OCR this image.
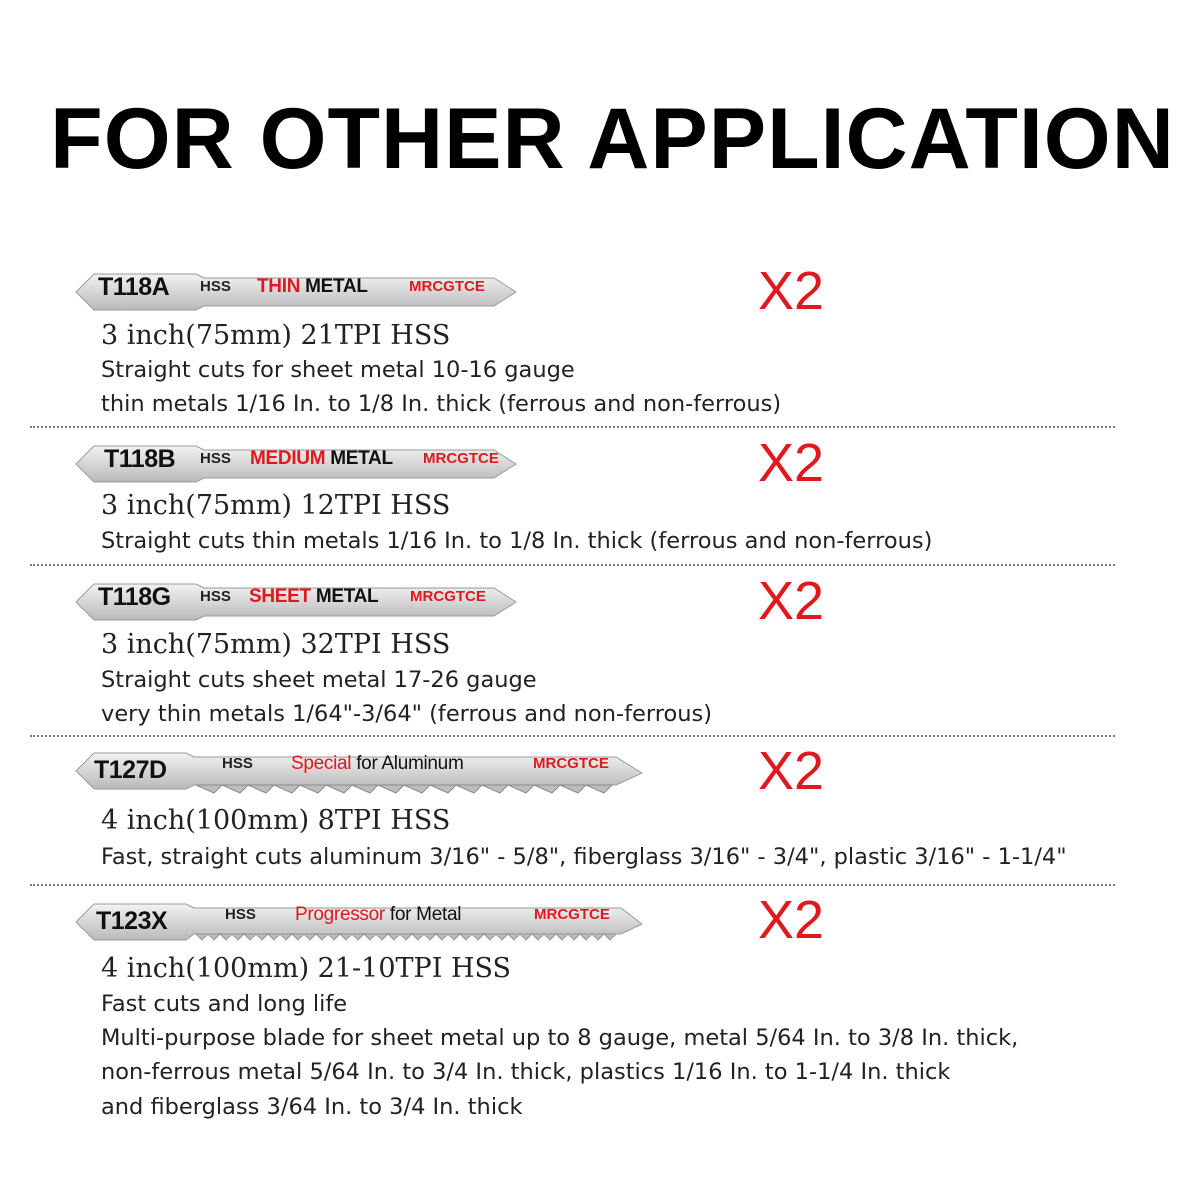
FOR OTHER APPLICATION
T118A HSS THIN METAL	MRCGTCE	X2
3 inch(75mm) 21TPI HSS
Straight cuts for sheet metal 10-16 gauge
thin metals 1/16 In. to 1/8 In. thick (ferrous and non-ferrous)
T118B HSS MEDIUM METAL MRCGTCE	X2
3 inch(75mm) 12TPI HSS
Straight cuts thin metals 1/16 In. to 1/8 In. thick (ferrous and non-ferrous)
T118G HSS SHEET METAL MRCGTCE	X2
3 inch(75mm) 32TPI HSS
Straight cuts sheet metal 17-26 gauge
very thin metals 1/64"-3/64" (ferrous and non-ferrous)
T127D	HSS Special for Aluminum	MRCGTCE	X2
4 inch(100mm) 8TPI HSS
Fast, straight cuts aluminum 3/16" - 5/8", fiberglass 3/16" - 3/4", plastic 3/16" - 1-1/4"
T123X	HSS Progressor for Metal	MRCGTCE	X2
4 inch(100mm) 21-10TPI HSS
Fast cuts and long life
Multi-purpose blade for sheet metal up to 8 gauge, metal 5/64 In. to 3/8 In. thick,
non-ferrous metal 5/64 In. to 3/4 In. thick, plastics 1/16 In. to 1-1/4 In. thick
and fiberglass 3/64 In. to 3/4 In. thick
